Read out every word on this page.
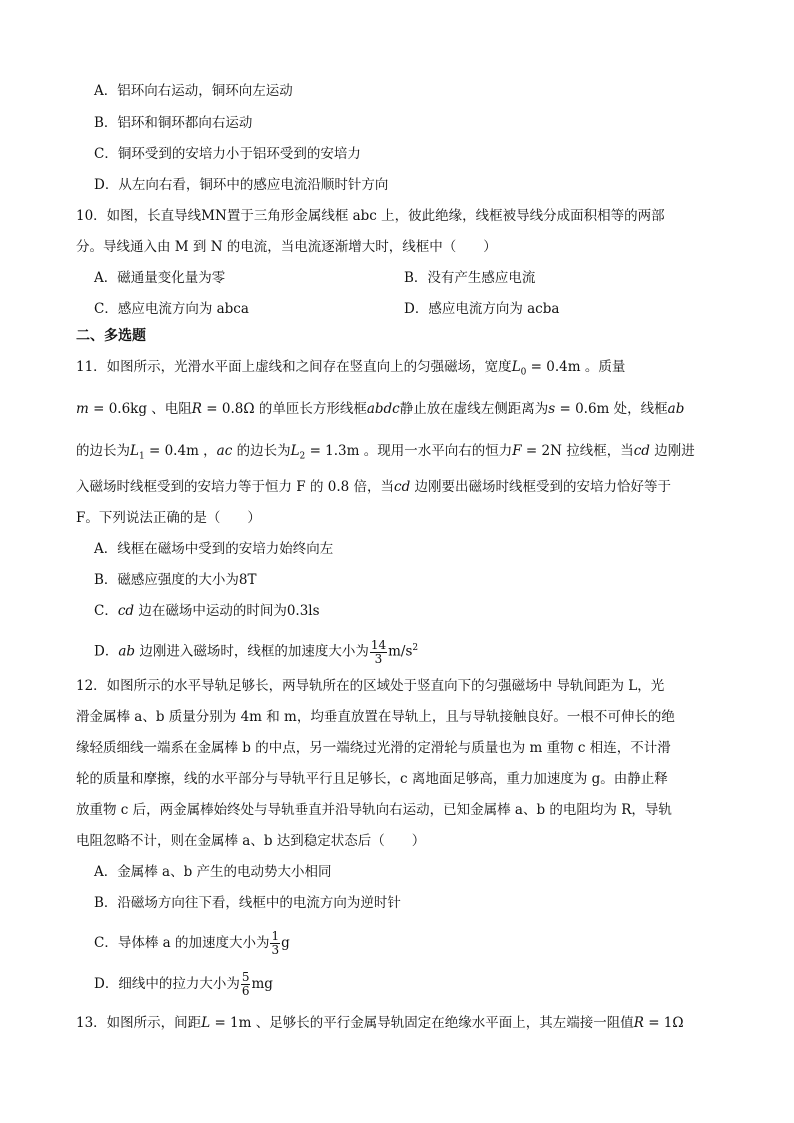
A．铝环向右运动，铜环向左运动
B．铝环和铜环都向右运动
C．铜环受到的安培力小于铝环受到的安培力
D．从左向右看，铜环中的感应电流沿顺时针方向
10．如图，长直导线MN置于三角形金属线框 abc 上，彼此绝缘，线框被导线分成面积相等的两部
分。导线通入由 M 到 N 的电流，当电流逐渐增大时，线框中（　　）
A．磁通量变化量为零	B．没有产生感应电流
C．感应电流方向为 abca	D．感应电流方向为 acba
二、多选题
11．如图所示，光滑水平面上虚线和之间存在竖直向上的匀强磁场，宽度$L_0 = 0.4m$ 。质量
m = 0.6kg 、电阻R = 0.8Ω 的单匝长方形线框abdc静止放在虚线左侧距离为s = 0.6m 处，线框ab
的边长为$L_1 = 0.4m$ ，ac 的边长为$L_2 = 1.3m$ 。现用一水平向右的恒力F = 2N 拉线框，当cd 边刚进
入磁场时线框受到的安培力等于恒力 F 的 0.8 倍，当cd 边刚要出磁场时线框受到的安培力恰好等于
F。下列说法正确的是（　　）
A．线框在磁场中受到的安培力始终向左
B．磁感应强度的大小为8T
C．cd 边在磁场中运动的时间为0.3ls
D．ab 边刚进入磁场时，线框的加速度大小为 $\frac{14}{3} m/s^2$
12．如图所示的水平导轨足够长，两导轨所在的区域处于竖直向下的匀强磁场中 导轨间距为 L，光
滑金属棒 a、b 质量分别为 4m 和 m，均垂直放置在导轨上，且与导轨接触良好。一根不可伸长的绝
缘轻质细线一端系在金属棒 b 的中点，另一端绕过光滑的定滑轮与质量也为 m 重物 c 相连，不计滑
轮的质量和摩擦，线的水平部分与导轨平行且足够长，c 离地面足够高，重力加速度为 g。由静止释
放重物 c 后，两金属棒始终处与导轨垂直并沿导轨向右运动，已知金属棒 a、b 的电阻均为 R，导轨
电阻忽略不计，则在金属棒 a、b 达到稳定状态后（　　）
A．金属棒 a、b 产生的电动势大小相同
B．沿磁场方向往下看，线框中的电流方向为逆时针
C．导体棒 a 的加速度大小为 $\frac{1}{3}$ g
D．细线中的拉力大小为 $\frac{5}{6}$ mg
13．如图所示，间距L = 1m 、足够长的平行金属导轨固定在绝缘水平面上，其左端接一阻值R = 1Ω
